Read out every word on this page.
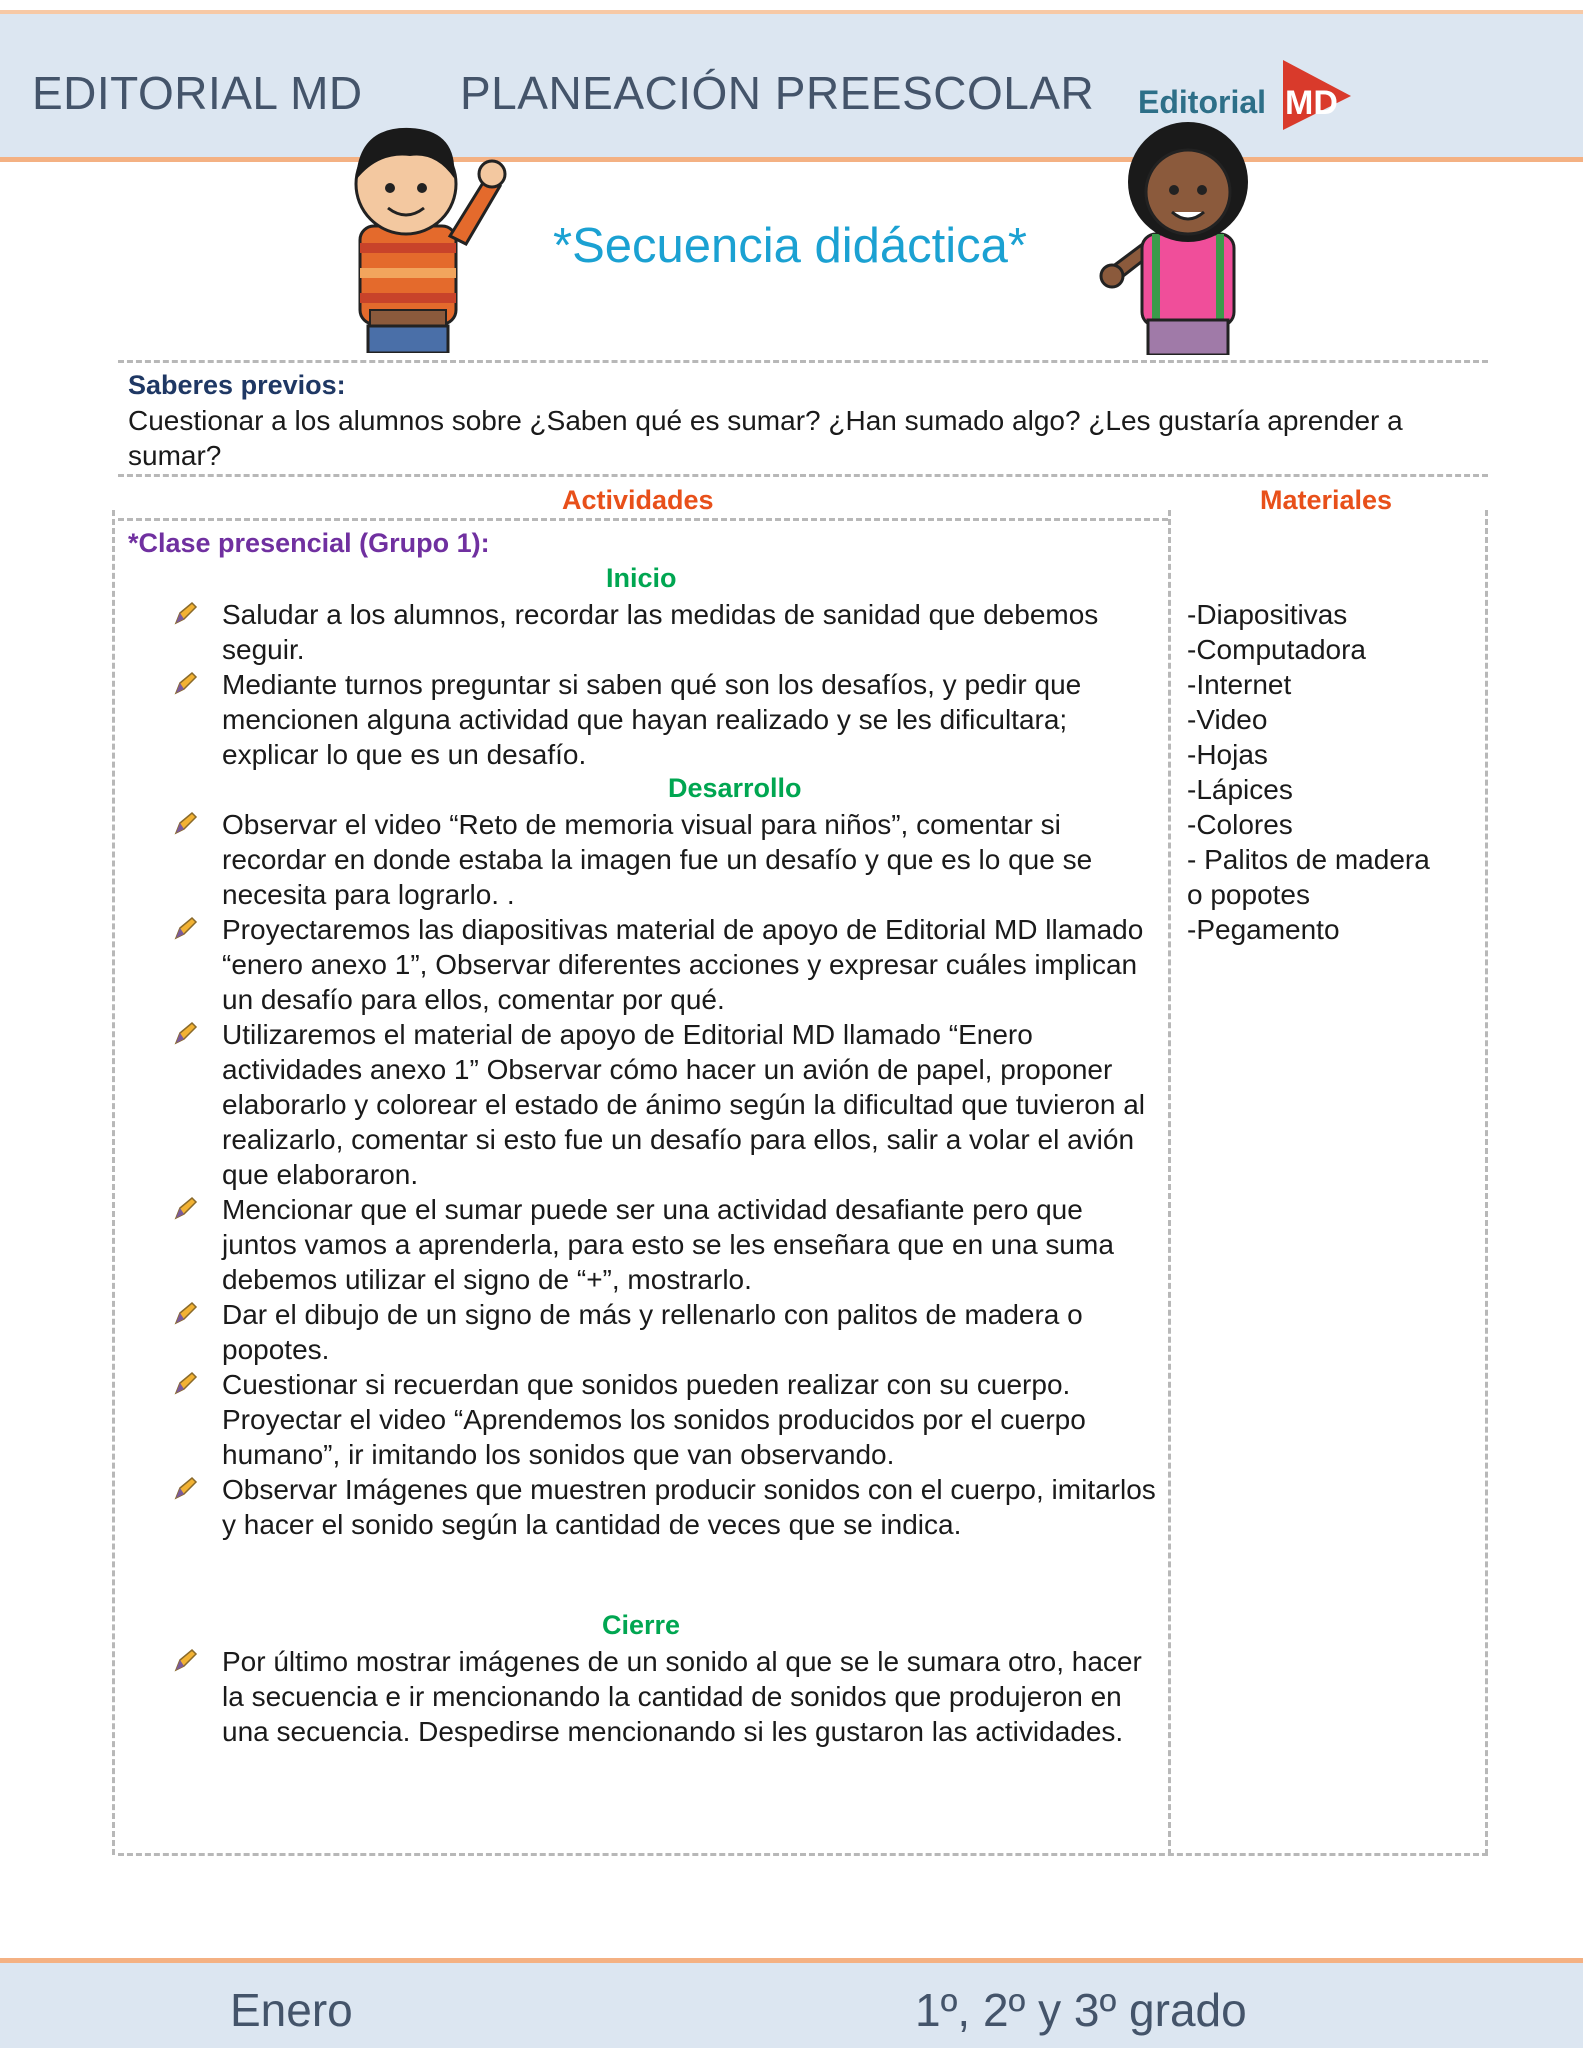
EDITORIAL MD PLANEACIÓN PREESCOLAR Editorial MD
*Secuencia didáctica*
Saberes previos:
Cuestionar a los alumnos sobre ¿Saben qué es sumar? ¿Han sumado algo? ¿Les gustaría aprender a sumar?
Actividades	Materiales
*Clase presencial (Grupo 1):
Inicio
Saludar a los alumnos, recordar las medidas de sanidad que debemos seguir.
Mediante turnos preguntar si saben qué son los desafíos, y pedir que mencionen alguna actividad que hayan realizado y se les dificultara; explicar lo que es un desafío.
Desarrollo
Observar el video “Reto de memoria visual para niños”, comentar si recordar en donde estaba la imagen fue un desafío y que es lo que se necesita para lograrlo. .
Proyectaremos las diapositivas material de apoyo de Editorial MD llamado “enero anexo 1”, Observar diferentes acciones y expresar cuáles implican un desafío para ellos, comentar por qué.
Utilizaremos el material de apoyo de Editorial MD llamado “Enero actividades anexo 1” Observar cómo hacer un avión de papel, proponer elaborarlo y colorear el estado de ánimo según la dificultad que tuvieron al realizarlo, comentar si esto fue un desafío para ellos, salir a volar el avión que elaboraron.
Mencionar que el sumar puede ser una actividad desafiante pero que juntos vamos a aprenderla, para esto se les enseñara que en una suma debemos utilizar el signo de “+”, mostrarlo.
Dar el dibujo de un signo de más y rellenarlo con palitos de madera o popotes.
Cuestionar si recuerdan que sonidos pueden realizar con su cuerpo. Proyectar el video “Aprendemos los sonidos producidos por el cuerpo humano”, ir imitando los sonidos que van observando.
Observar Imágenes que muestren producir sonidos con el cuerpo, imitarlos y hacer el sonido según la cantidad de veces que se indica.
Cierre
Por último mostrar imágenes de un sonido al que se le sumara otro, hacer la secuencia e ir mencionando la cantidad de sonidos que produjeron en una secuencia. Despedirse mencionando si les gustaron las actividades.
-Diapositivas
-Computadora
-Internet
-Video
-Hojas
-Lápices
-Colores
- Palitos de madera
o popotes
-Pegamento
Enero	1º, 2º y 3º grado
